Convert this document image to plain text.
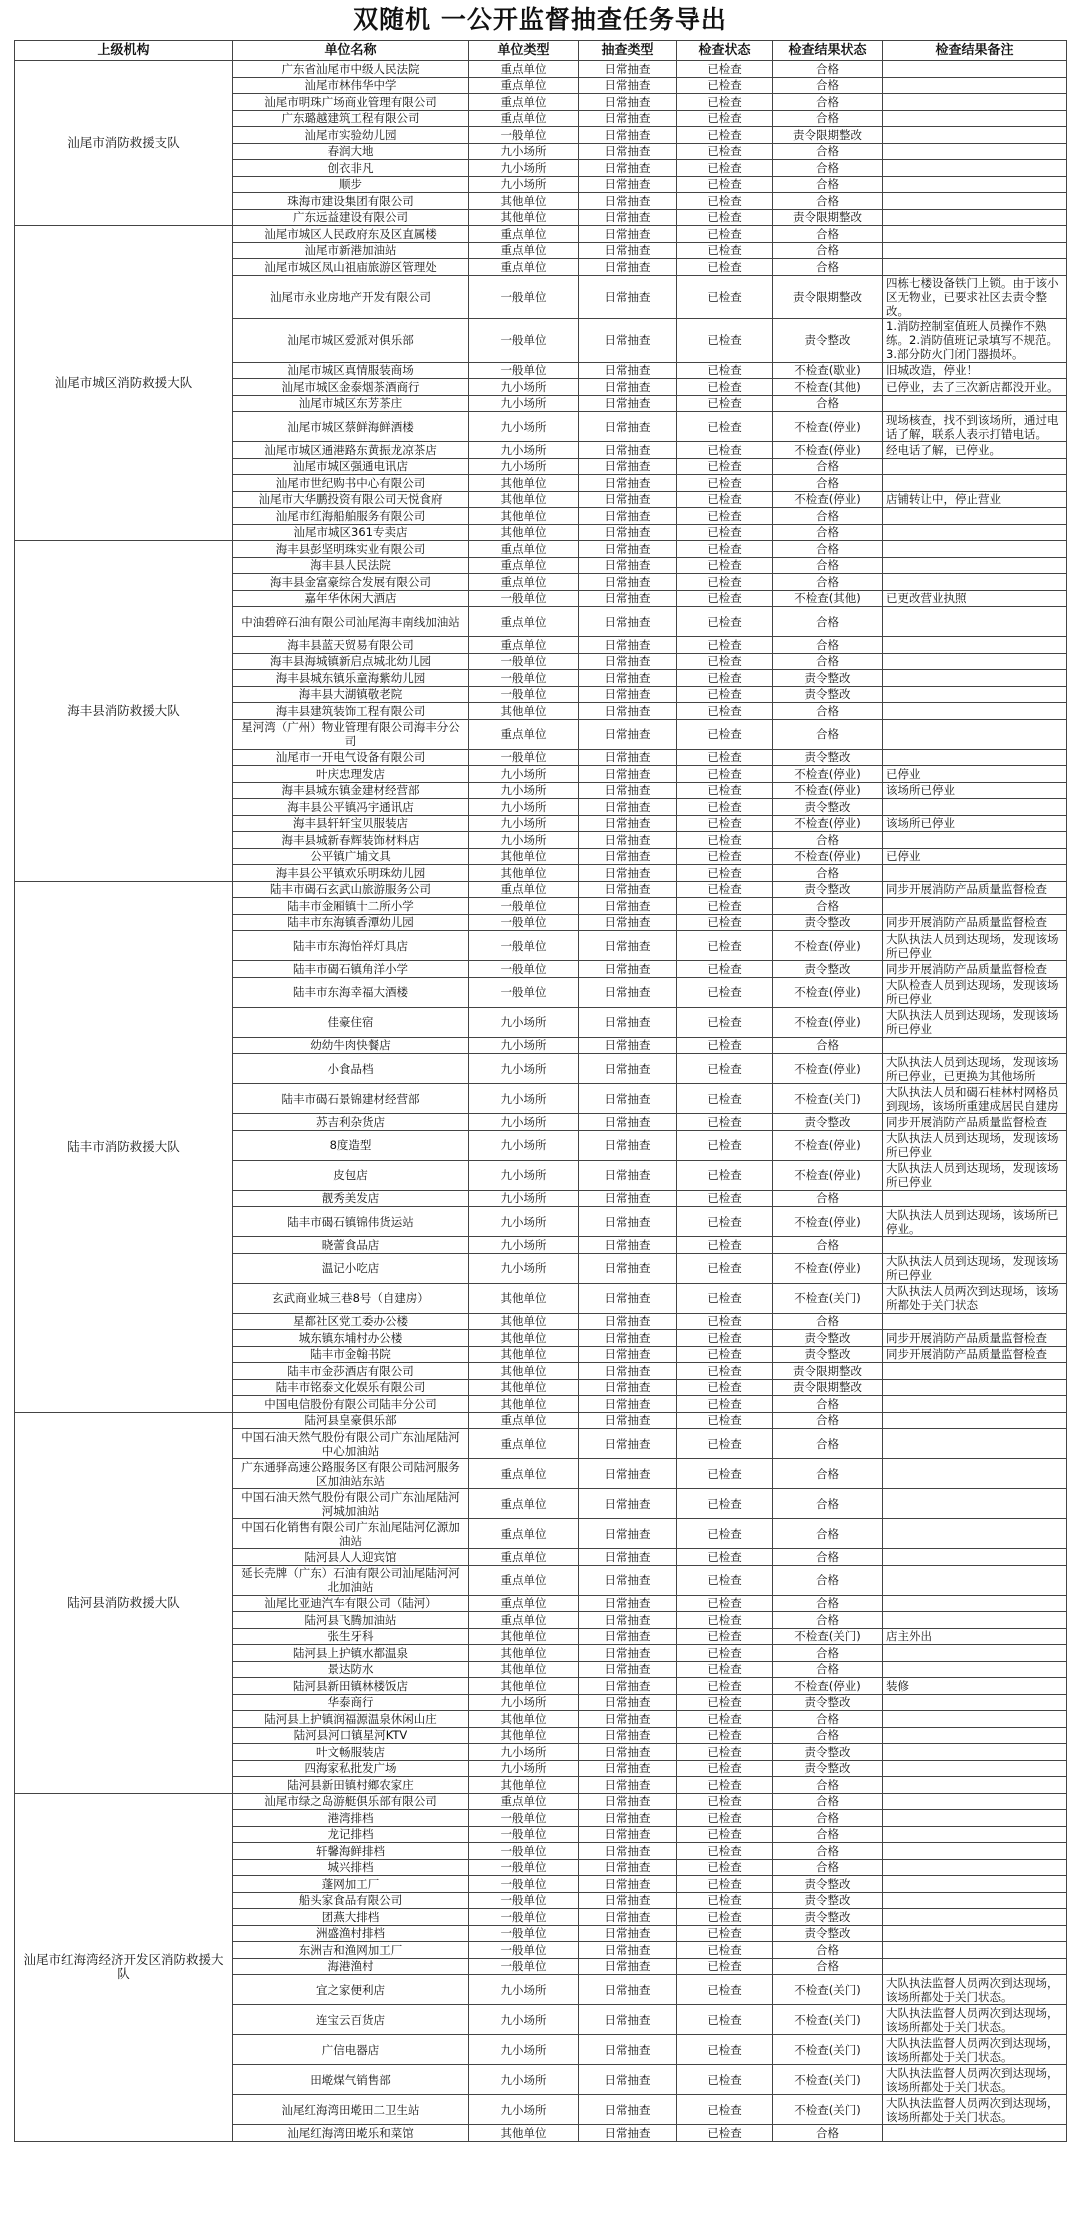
双随机 一公开监督抽查任务导出
上级机构	单位名称	单位类型	抽查类型	检查状态	检查结果状态	检查结果备注
汕尾市消防救援支队	广东省汕尾市中级人民法院	重点单位	日常抽查	已检查	合格	
	汕尾市林伟华中学	重点单位	日常抽查	已检查	合格	
	汕尾市明珠广场商业管理有限公司	重点单位	日常抽查	已检查	合格	
	广东璐越建筑工程有限公司	重点单位	日常抽查	已检查	合格	
	汕尾市实验幼儿园	一般单位	日常抽查	已检查	责令限期整改	
	春润大地	九小场所	日常抽查	已检查	合格	
	创衣非凡	九小场所	日常抽查	已检查	合格	
	顺步	九小场所	日常抽查	已检查	合格	
	珠海市建设集团有限公司	其他单位	日常抽查	已检查	合格	
	广东远益建设有限公司	其他单位	日常抽查	已检查	责令限期整改	
汕尾市城区消防救援大队	汕尾市城区人民政府东及区直属楼	重点单位	日常抽查	已检查	合格	
	汕尾市新港加油站	重点单位	日常抽查	已检查	合格	
	汕尾市城区凤山祖庙旅游区管理处	重点单位	日常抽查	已检查	合格	
	汕尾市永业房地产开发有限公司	一般单位	日常抽查	已检查	责令限期整改	四栋七楼设备铁门上锁。由于该小区无物业，已要求社区去责令整改。
	汕尾市城区爱派对俱乐部	一般单位	日常抽查	已检查	责令整改	1.消防控制室值班人员操作不熟练。2.消防值班记录填写不规范。3.部分防火门闭门器损坏。
	汕尾市城区真情服装商场	一般单位	日常抽查	已检查	不检查(歇业)	旧城改造，停业！
	汕尾市城区金泰烟茶酒商行	九小场所	日常抽查	已检查	不检查(其他)	已停业，去了三次新店都没开业。
	汕尾市城区东芳茶庄	九小场所	日常抽查	已检查	合格	
	汕尾市城区蔡鲜海鲜酒楼	九小场所	日常抽查	已检查	不检查(停业)	现场核查，找不到该场所，通过电话了解，联系人表示打错电话。
	汕尾市城区通港路东黄振龙凉茶店	九小场所	日常抽查	已检查	不检查(停业)	经电话了解，已停业。
	汕尾市城区强通电讯店	九小场所	日常抽查	已检查	合格	
	汕尾市世纪购书中心有限公司	其他单位	日常抽查	已检查	合格	
	汕尾市大华鹏投资有限公司天悦食府	其他单位	日常抽查	已检查	不检查(停业)	店铺转让中，停止营业
	汕尾市红海船舶服务有限公司	其他单位	日常抽查	已检查	合格	
	汕尾市城区361专卖店	其他单位	日常抽查	已检查	合格	
海丰县消防救援大队	海丰县彭坚明珠实业有限公司	重点单位	日常抽查	已检查	合格	
	海丰县人民法院	重点单位	日常抽查	已检查	合格	
	海丰县金富豪综合发展有限公司	重点单位	日常抽查	已检查	合格	
	嘉年华休闲大酒店	一般单位	日常抽查	已检查	不检查(其他)	已更改营业执照
	中油碧碎石油有限公司汕尾海丰南线加油站	重点单位	日常抽查	已检查	合格	
	海丰县蓝天贸易有限公司	重点单位	日常抽查	已检查	合格	
	海丰县海城镇新启点城北幼儿园	一般单位	日常抽查	已检查	合格	
	海丰县城东镇乐童海紫幼儿园	一般单位	日常抽查	已检查	责令整改	
	海丰县大湖镇敬老院	一般单位	日常抽查	已检查	责令整改	
	海丰县建筑装饰工程有限公司	其他单位	日常抽查	已检查	合格	
	星河湾（广州）物业管理有限公司海丰分公司	重点单位	日常抽查	已检查	合格	
	汕尾市一开电气设备有限公司	一般单位	日常抽查	已检查	责令整改	
	叶庆忠理发店	九小场所	日常抽查	已检查	不检查(停业)	已停业
	海丰县城东镇金建材经营部	九小场所	日常抽查	已检查	不检查(停业)	该场所已停业
	海丰县公平镇冯宇通讯店	九小场所	日常抽查	已检查	责令整改	
	海丰县轩轩宝贝服装店	九小场所	日常抽查	已检查	不检查(停业)	该场所已停业
	海丰县城新春辉装饰材料店	九小场所	日常抽查	已检查	合格	
	公平镇广埔文具	其他单位	日常抽查	已检查	不检查(停业)	已停业
	海丰县公平镇欢乐明珠幼儿园	其他单位	日常抽查	已检查	合格	
陆丰市消防救援大队	陆丰市碣石玄武山旅游服务公司	重点单位	日常抽查	已检查	责令整改	同步开展消防产品质量监督检查
	陆丰市金厢镇十二所小学	一般单位	日常抽查	已检查	合格	
	陆丰市东海镇香潭幼儿园	一般单位	日常抽查	已检查	责令整改	同步开展消防产品质量监督检查
	陆丰市东海怡祥灯具店	一般单位	日常抽查	已检查	不检查(停业)	大队执法人员到达现场，发现该场所已停业
	陆丰市碣石镇角洋小学	一般单位	日常抽查	已检查	责令整改	同步开展消防产品质量监督检查
	陆丰市东海幸福大酒楼	一般单位	日常抽查	已检查	不检查(停业)	大队检查人员到达现场，发现该场所已停业
	佳豪住宿	九小场所	日常抽查	已检查	不检查(停业)	大队执法人员到达现场，发现该场所已停业
	幼幼牛肉快餐店	九小场所	日常抽查	已检查	合格	
	小食品档	九小场所	日常抽查	已检查	不检查(停业)	大队执法人员到达现场，发现该场所已停业，已更换为其他场所
	陆丰市碣石景锦建材经营部	九小场所	日常抽查	已检查	不检查(关门)	大队执法人员和碣石桂林村网格员到现场，该场所重建成居民自建房
	苏吉利杂货店	九小场所	日常抽查	已检查	责令整改	同步开展消防产品质量监督检查
	8度造型	九小场所	日常抽查	已检查	不检查(停业)	大队执法人员到达现场，发现该场所已停业
	皮包店	九小场所	日常抽查	已检查	不检查(停业)	大队执法人员到达现场，发现该场所已停业
	靓秀美发店	九小场所	日常抽查	已检查	合格	
	陆丰市碣石镇锦伟货运站	九小场所	日常抽查	已检查	不检查(停业)	大队执法人员到达现场，该场所已停业。
	晓蕾食品店	九小场所	日常抽查	已检查	合格	
	温记小吃店	九小场所	日常抽查	已检查	不检查(停业)	大队执法人员到达现场，发现该场所已停业
	玄武商业城三巷8号（自建房）	其他单位	日常抽查	已检查	不检查(关门)	大队执法人员两次到达现场，该场所都处于关门状态
	星都社区党工委办公楼	其他单位	日常抽查	已检查	合格	
	城东镇东埔村办公楼	其他单位	日常抽查	已检查	责令整改	同步开展消防产品质量监督检查
	陆丰市金翰书院	其他单位	日常抽查	已检查	责令整改	同步开展消防产品质量监督检查
	陆丰市金莎酒店有限公司	其他单位	日常抽查	已检查	责令限期整改	
	陆丰市铭泰文化娱乐有限公司	其他单位	日常抽查	已检查	责令限期整改	
	中国电信股份有限公司陆丰分公司	其他单位	日常抽查	已检查	合格	
陆河县消防救援大队	陆河县皇豪俱乐部	重点单位	日常抽查	已检查	合格	
	中国石油天然气股份有限公司广东汕尾陆河中心加油站	重点单位	日常抽查	已检查	合格	
	广东通驿高速公路服务区有限公司陆河服务区加油站东站	重点单位	日常抽查	已检查	合格	
	中国石油天然气股份有限公司广东汕尾陆河河城加油站	重点单位	日常抽查	已检查	合格	
	中国石化销售有限公司广东汕尾陆河亿源加油站	重点单位	日常抽查	已检查	合格	
	陆河县人人迎宾馆	重点单位	日常抽查	已检查	合格	
	延长壳牌（广东）石油有限公司汕尾陆河河北加油站	重点单位	日常抽查	已检查	合格	
	汕尾比亚迪汽车有限公司（陆河）	重点单位	日常抽查	已检查	合格	
	陆河县飞腾加油站	重点单位	日常抽查	已检查	合格	
	张生牙科	其他单位	日常抽查	已检查	不检查(关门)	店主外出
	陆河县上护镇水都温泉	其他单位	日常抽查	已检查	合格	
	景达防水	其他单位	日常抽查	已检查	合格	
	陆河县新田镇林楼饭店	其他单位	日常抽查	已检查	不检查(停业)	装修
	华泰商行	九小场所	日常抽查	已检查	责令整改	
	陆河县上护镇润福源温泉休闲山庄	其他单位	日常抽查	已检查	合格	
	陆河县河口镇星河KTV	其他单位	日常抽查	已检查	合格	
	叶文畅服装店	九小场所	日常抽查	已检查	责令整改	
	四海家私批发广场	九小场所	日常抽查	已检查	责令整改	
	陆河县新田镇村鄉农家庄	其他单位	日常抽查	已检查	合格	
汕尾市红海湾经济开发区消防救援大队	汕尾市绿之岛游艇俱乐部有限公司	重点单位	日常抽查	已检查	合格	
	港湾排档	一般单位	日常抽查	已检查	合格	
	龙记排档	一般单位	日常抽查	已检查	合格	
	轩馨海鲜排档	一般单位	日常抽查	已检查	合格	
	城兴排档	一般单位	日常抽查	已检查	合格	
	蓬网加工厂	一般单位	日常抽查	已检查	责令整改	
	船头家食品有限公司	一般单位	日常抽查	已检查	责令整改	
	团燕大排档	一般单位	日常抽查	已检查	责令整改	
	洲盛渔村排档	一般单位	日常抽查	已检查	责令整改	
	东洲吉和渔网加工厂	一般单位	日常抽查	已检查	合格	
	海港渔村	一般单位	日常抽查	已检查	合格	
	宜之家便利店	九小场所	日常抽查	已检查	不检查(关门)	大队执法监督人员两次到达现场，该场所都处于关门状态。
	连宝云百货店	九小场所	日常抽查	已检查	不检查(关门)	大队执法监督人员两次到达现场，该场所都处于关门状态。
	广信电器店	九小场所	日常抽查	已检查	不检查(关门)	大队执法监督人员两次到达现场，该场所都处于关门状态。
	田墘煤气销售部	九小场所	日常抽查	已检查	不检查(关门)	大队执法监督人员两次到达现场，该场所都处于关门状态。
	汕尾红海湾田墘田二卫生站	九小场所	日常抽查	已检查	不检查(关门)	大队执法监督人员两次到达现场，该场所都处于关门状态。
	汕尾红海湾田墘乐和菜馆	其他单位	日常抽查	已检查	合格	
